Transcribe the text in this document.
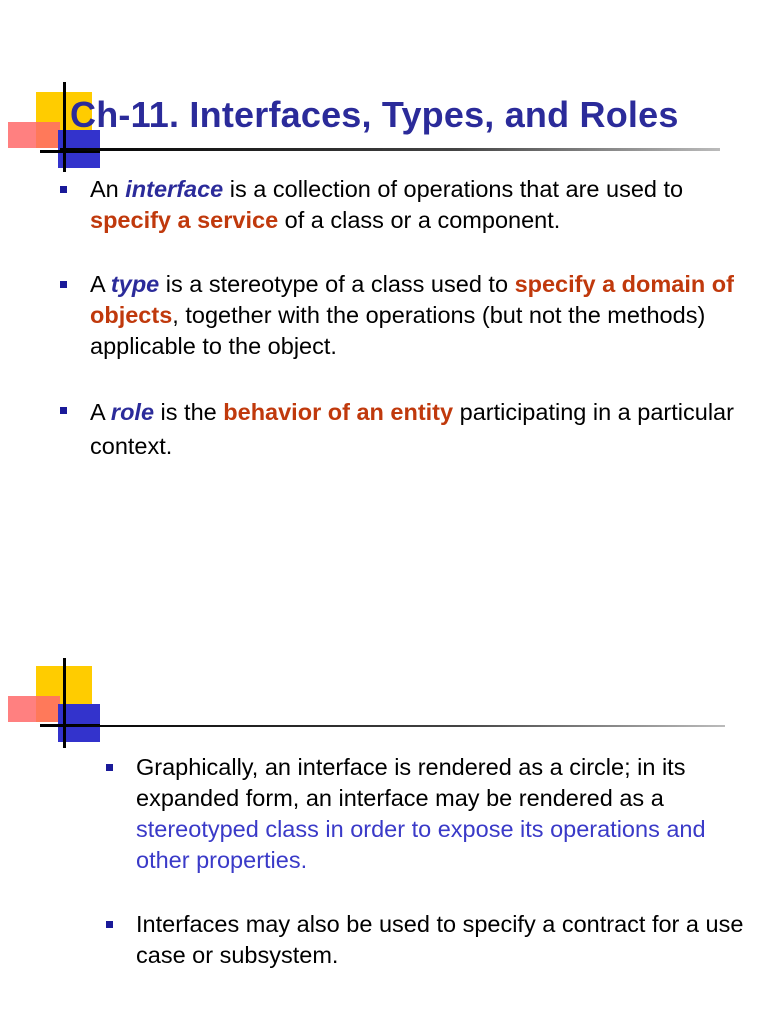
Ch-11. Interfaces, Types, and Roles
An interface is a collection of operations that are used to specify a service of a class or a component.
A type is a stereotype of a class used to specify a domain of objects, together with the operations (but not the methods) applicable to the object.
A role is the behavior of an entity participating in a particular context.
Graphically, an interface is rendered as a circle; in its expanded form, an interface may be rendered as a stereotyped class in order to expose its operations and other properties.
Interfaces may also be used to specify a contract for a use case or subsystem.
